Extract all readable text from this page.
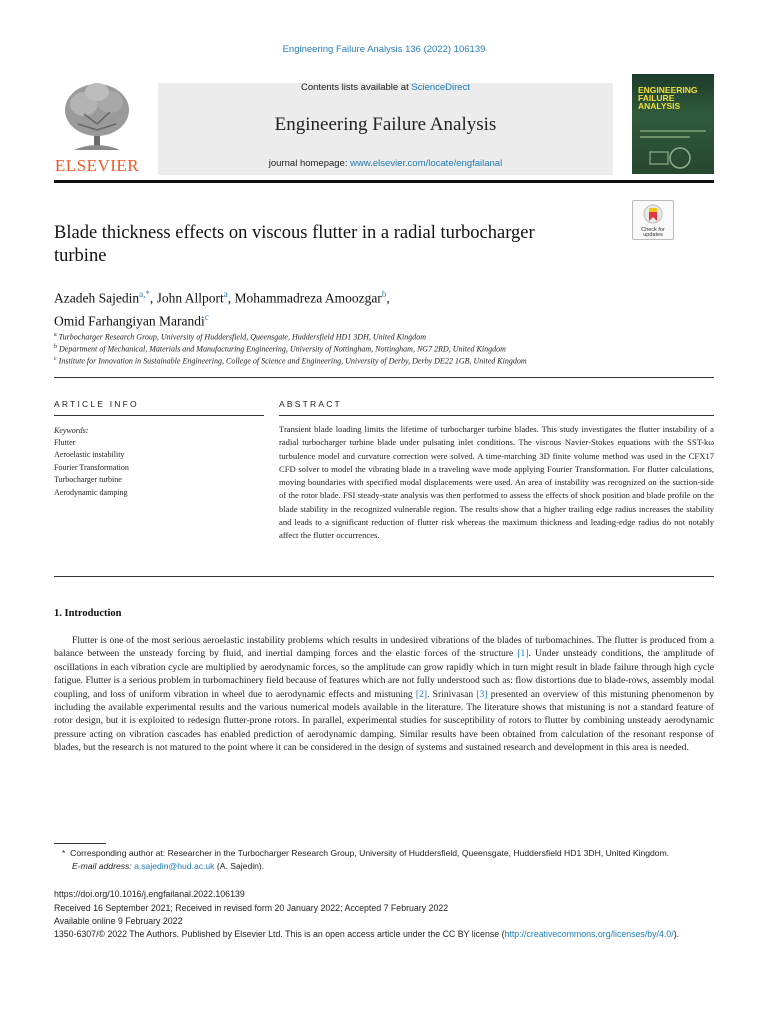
Engineering Failure Analysis 136 (2022) 106139
ELSEVIER
Contents lists available at ScienceDirect
Engineering Failure Analysis
journal homepage: www.elsevier.com/locate/engfailanal
ENGINEERING FAILURE ANALYSIS
Check for updates
Blade thickness effects on viscous flutter in a radial turbocharger turbine
Azadeh Sajedin$^{a,*}$, John Allport$^a$, Mohammadreza Amoozgar$^b$,
Omid Farhangiyan Marandi$^c$
$^a$ Turbocharger Research Group, University of Huddersfield, Queensgate, Huddersfield HD1 3DH, United Kingdom
$^b$ Department of Mechanical, Materials and Manufacturing Engineering, University of Nottingham, Nottingham, NG7 2RD, United Kingdom
$^c$ Institute for Innovation in Sustainable Engineering, College of Science and Engineering, University of Derby, Derby DE22 1GB, United Kingdom
ARTICLE INFO	ABSTRACT
Keywords:
Flutter
Aeroelastic instability
Fourier Transformation
Turbocharger turbine
Aerodynamic damping
Transient blade loading limits the lifetime of turbocharger turbine blades. This study investigates the flutter instability of a radial turbocharger turbine blade under pulsating inlet conditions. The viscous Navier-Stokes equations with the SST-kω turbulence model and curvature correction were solved. A time-marching 3D finite volume method was used in the CFX17 CFD solver to model the vibrating blade in a traveling wave mode applying Fourier Transformation. For flutter calculations, moving boundaries with specified modal displacements were used. An area of instability was recognized on the suction-side of the rotor blade. FSI steady-state analysis was then performed to assess the effects of shock position and blade profile on the blade stability in the recognized vulnerable region. The results show that a higher trailing edge radius increases the stability and leads to a significant reduction of flutter risk whereas the maximum thickness and leading-edge radius do not notably affect the flutter occurrences.
1. Introduction
Flutter is one of the most serious aeroelastic instability problems which results in undesired vibrations of the blades of turbomachines. The flutter is produced from a balance between the unsteady forcing by fluid, and inertial damping forces and the elastic forces of the structure [1]. Under unsteady conditions, the amplitude of oscillations in each vibration cycle are multiplied by aerodynamic forces, so the amplitude can grow rapidly which in turn might result in blade failure through high cycle fatigue. Flutter is a serious problem in turbomachinery field because of features which are not fully understood such as: flow distortions due to blade-rows, assembly modal coupling, and loss of uniform vibration in wheel due to aerodynamic effects and mistuning [2]. Srinivasan [3] presented an overview of this mistuning phenomenon by including the available experimental results and the various numerical models available in the literature. The literature shows that mistuning is not a standard feature of rotor design, but it is exploited to redesign flutter-prone rotors. In parallel, experimental studies for susceptibility of rotors to flutter by combining unsteady aerodynamic pressure acting on vibration cascades has enabled prediction of aerodynamic damping. Similar results have been obtained from calculation of the resonant response of blades, but the research is not matured to the point where it can be considered in the design of systems and sustained research and development in this area is needed.
*  Corresponding author at: Researcher in the Turbocharger Research Group, University of Huddersfield, Queensgate, Huddersfield HD1 3DH, United Kingdom.
E-mail address: a.sajedin@hud.ac.uk (A. Sajedin).
https://doi.org/10.1016/j.engfailanal.2022.106139
Received 16 September 2021; Received in revised form 20 January 2022; Accepted 7 February 2022
Available online 9 February 2022
1350-6307/© 2022 The Authors. Published by Elsevier Ltd. This is an open access article under the CC BY license (http://creativecommons.org/licenses/by/4.0/).
